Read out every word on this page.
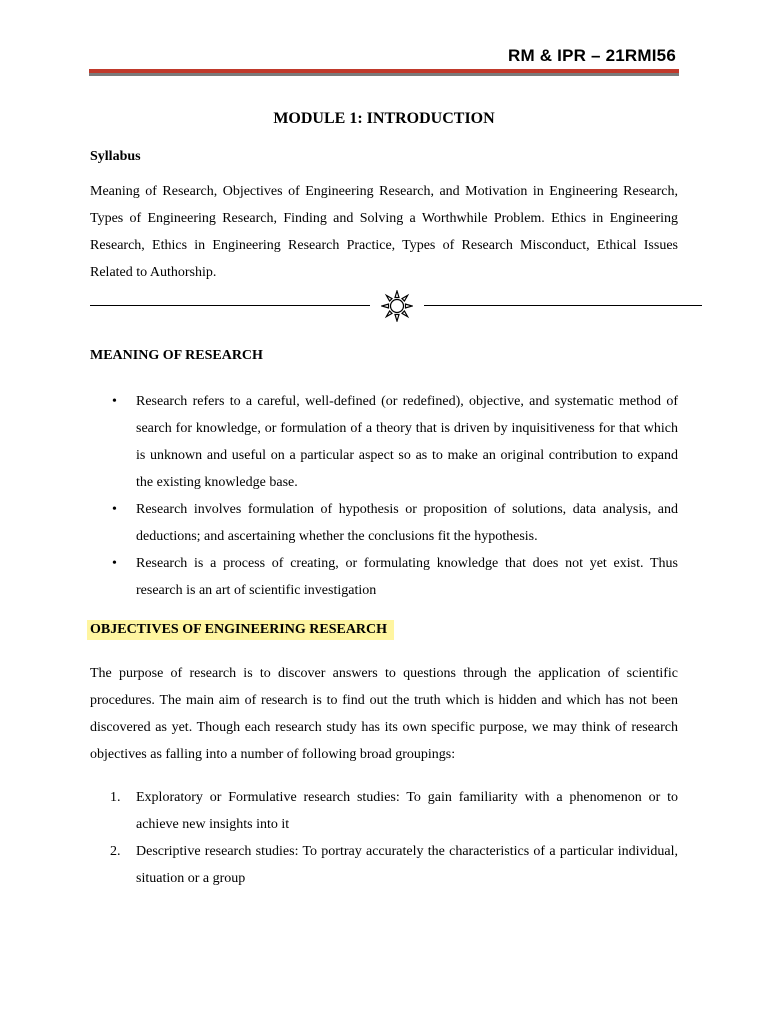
RM & IPR – 21RMI56
MODULE 1: INTRODUCTION
Syllabus
Meaning of Research, Objectives of Engineering Research, and Motivation in Engineering Research, Types of Engineering Research, Finding and Solving a Worthwhile Problem. Ethics in Engineering Research, Ethics in Engineering Research Practice, Types of Research Misconduct, Ethical Issues Related to Authorship.
MEANING OF RESEARCH
• Research refers to a careful, well-defined (or redefined), objective, and systematic method of search for knowledge, or formulation of a theory that is driven by inquisitiveness for that which is unknown and useful on a particular aspect so as to make an original contribution to expand the existing knowledge base.
• Research involves formulation of hypothesis or proposition of solutions, data analysis, and deductions; and ascertaining whether the conclusions fit the hypothesis.
• Research is a process of creating, or formulating knowledge that does not yet exist. Thus research is an art of scientific investigation
OBJECTIVES OF ENGINEERING RESEARCH
The purpose of research is to discover answers to questions through the application of scientific procedures. The main aim of research is to find out the truth which is hidden and which has not been discovered as yet. Though each research study has its own specific purpose, we may think of research objectives as falling into a number of following broad groupings:
1. Exploratory or Formulative research studies: To gain familiarity with a phenomenon or to achieve new insights into it
2. Descriptive research studies: To portray accurately the characteristics of a particular individual, situation or a group
